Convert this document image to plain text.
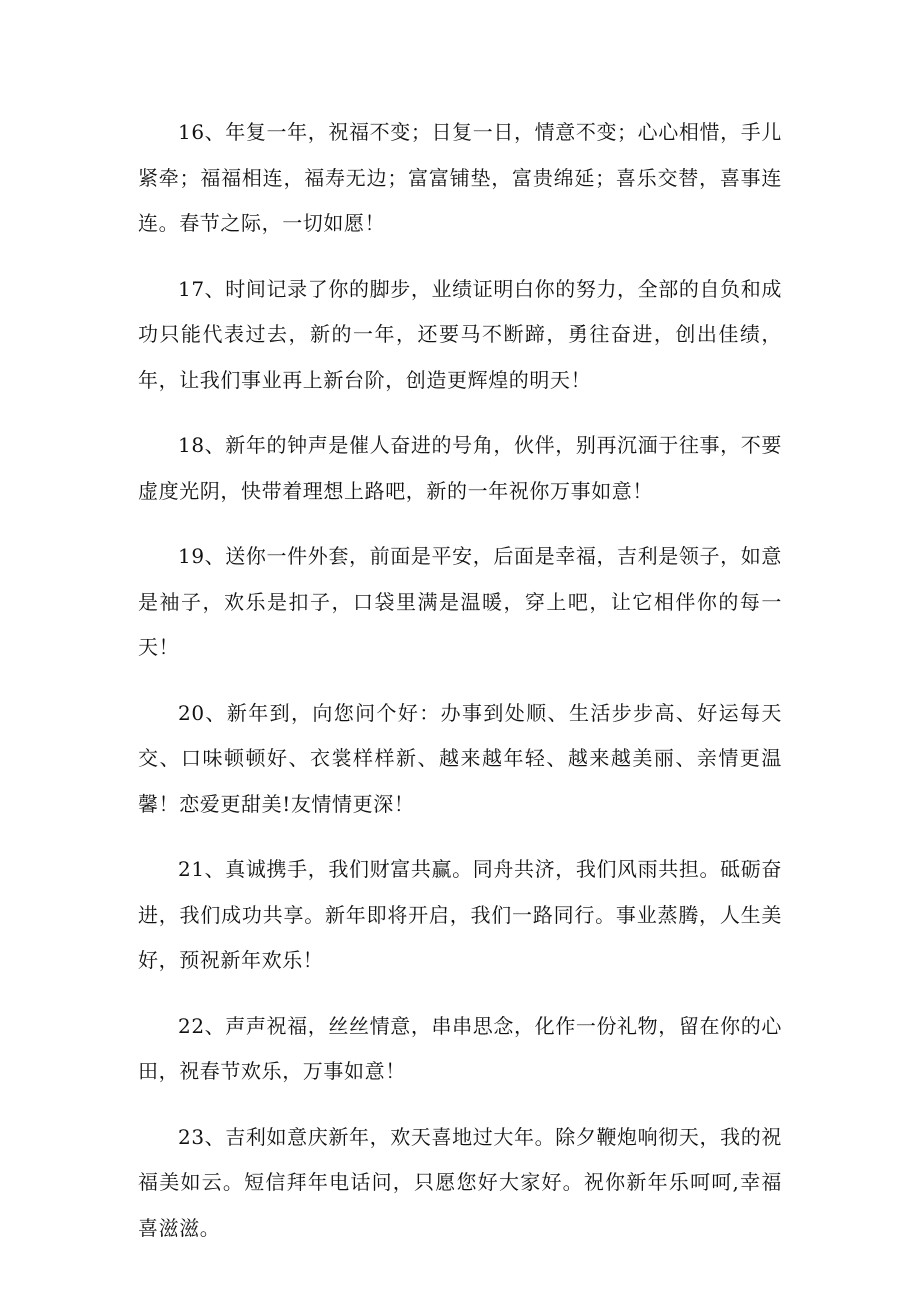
16、年复一年，祝福不变；日复一日，情意不变；心心相惜，手儿紧牵；福福相连，福寿无边；富富铺垫，富贵绵延；喜乐交替，喜事连连。春节之际，一切如愿！

17、时间记录了你的脚步，业绩证明白你的努力，全部的自负和成功只能代表过去，新的一年，还要马不断蹄，勇往奋进，创出佳绩，年，让我们事业再上新台阶，创造更辉煌的明天！

18、新年的钟声是催人奋进的号角，伙伴，别再沉湎于往事，不要虚度光阴，快带着理想上路吧，新的一年祝你万事如意！

19、送你一件外套，前面是平安，后面是幸福，吉利是领子，如意是袖子，欢乐是扣子，口袋里满是温暖，穿上吧，让它相伴你的每一天！

20、新年到，向您问个好：办事到处顺、生活步步高、好运每天交、口味顿顿好、衣裳样样新、越来越年轻、越来越美丽、亲情更温馨！恋爱更甜美!友情情更深！

21、真诚携手，我们财富共赢。同舟共济，我们风雨共担。砥砺奋进，我们成功共享。新年即将开启，我们一路同行。事业蒸腾，人生美好，预祝新年欢乐！

22、声声祝福，丝丝情意，串串思念，化作一份礼物，留在你的心田，祝春节欢乐，万事如意！

23、吉利如意庆新年，欢天喜地过大年。除夕鞭炮响彻天，我的祝福美如云。短信拜年电话问，只愿您好大家好。祝你新年乐呵呵,幸福喜滋滋。
